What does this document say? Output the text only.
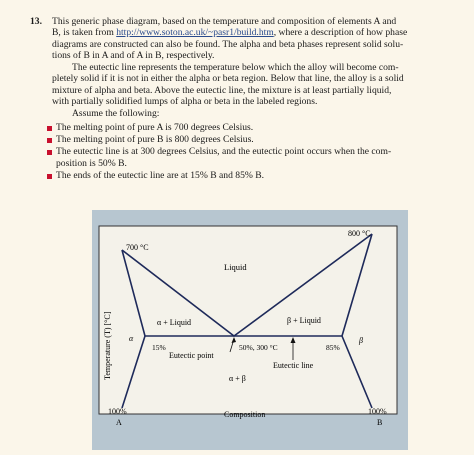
13. This generic phase diagram, based on the temperature and composition of elements A and
B, is taken from http://www.soton.ac.uk/~pasr1/build.htm, where a description of how phase
diagrams are constructed can also be found. The alpha and beta phases represent solid solu-
tions of B in A and of A in B, respectively.
The eutectic line represents the temperature below which the alloy will become com-
pletely solid if it is not in either the alpha or beta region. Below that line, the alloy is a solid
mixture of alpha and beta. Above the eutectic line, the mixture is at least partially liquid,
with partially solidified lumps of alpha or beta in the labeled regions.
Assume the following:
The melting point of pure A is 700 degrees Celsius.
The melting point of pure B is 800 degrees Celsius.
The eutectic line is at 300 degrees Celsius, and the eutectic point occurs when the com-
position is 50% B.
The ends of the eutectic line are at 15% B and 85% B.
Temperature (T) [°C]
700 °C
800 °C
Liquid
α + Liquid	β + Liquid
α	β
15%	85%
50%, 300 °C
Eutectic point
Eutectic line
α + β
Composition
100%
A
100%
B
